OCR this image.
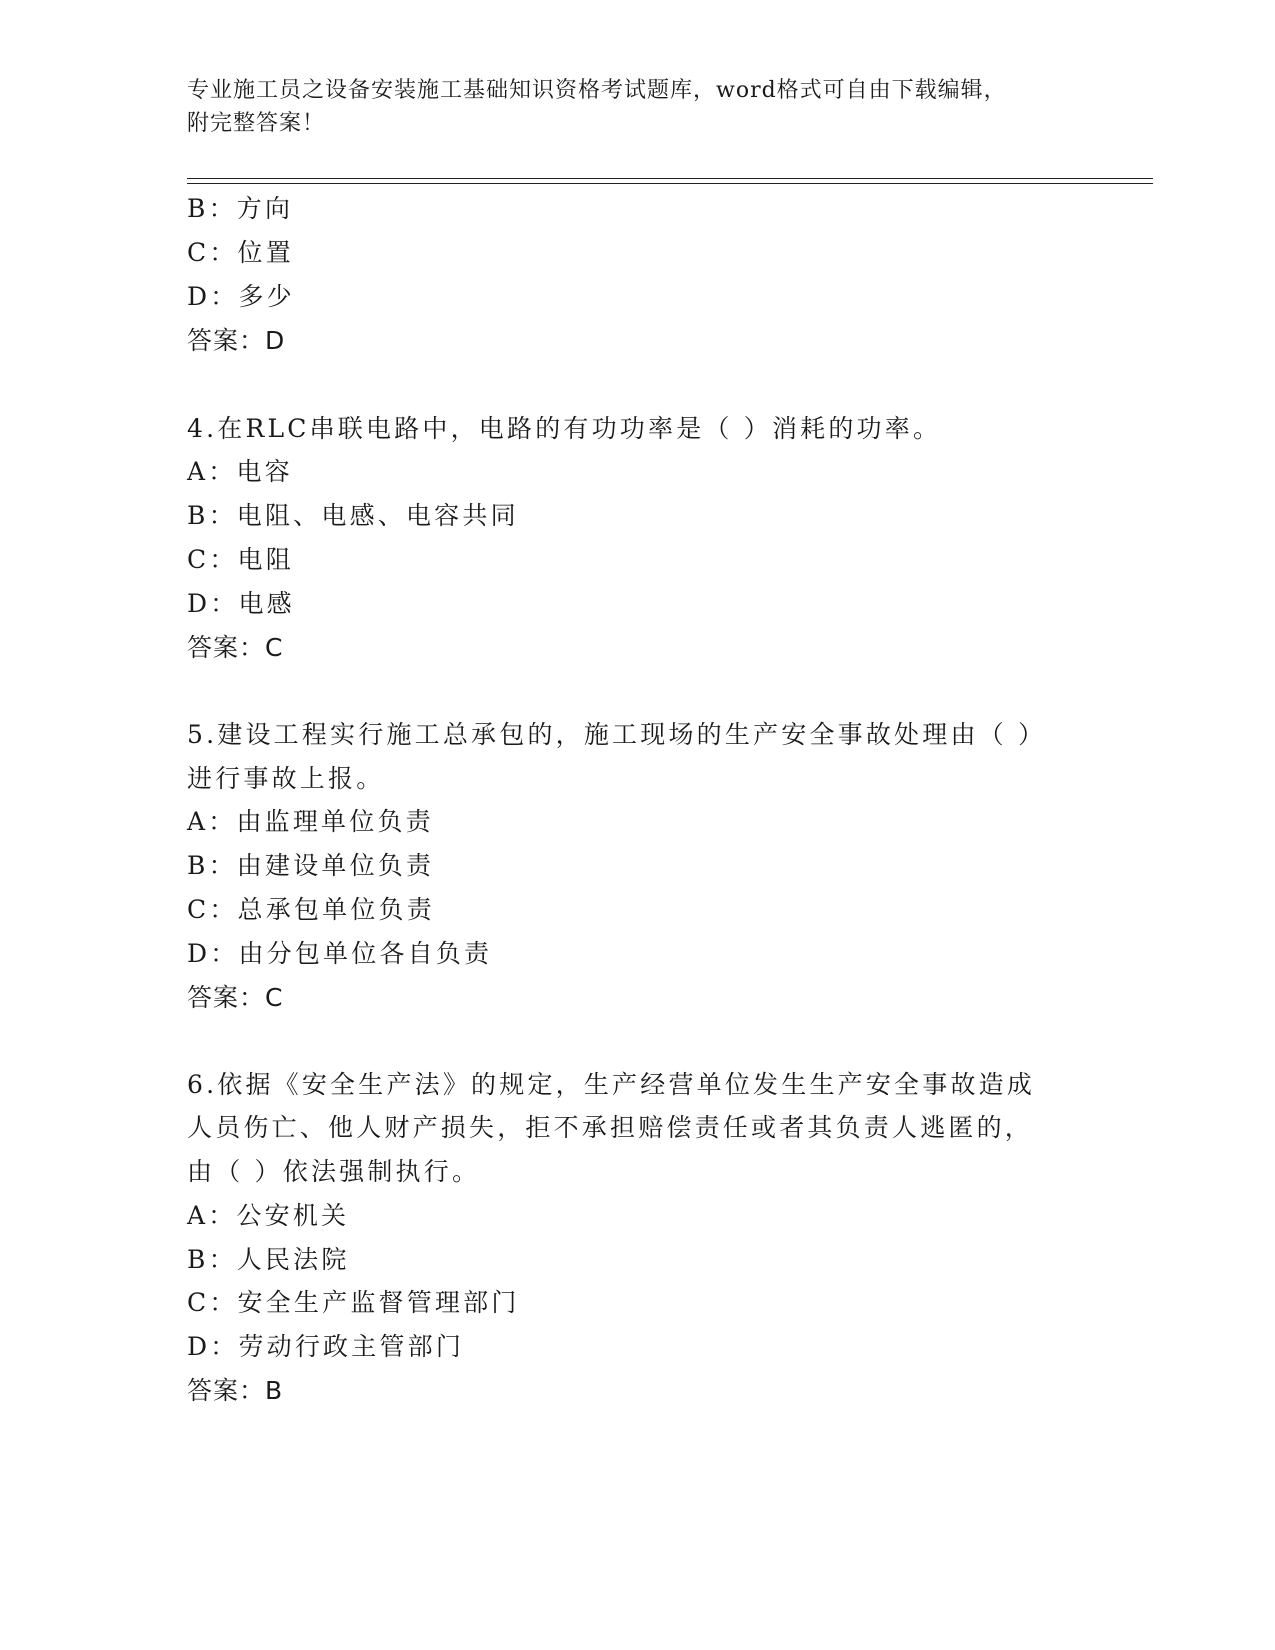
专业施工员之设备安装施工基础知识资格考试题库，word格式可自由下载编辑，
附完整答案！
B：方向
C：位置
D：多少
答案：D
4.在RLC串联电路中，电路的有功功率是（ ）消耗的功率。
A：电容
B：电阻、电感、电容共同
C：电阻
D：电感
答案：C
5.建设工程实行施工总承包的，施工现场的生产安全事故处理由（ ）
进行事故上报。
A：由监理单位负责
B：由建设单位负责
C：总承包单位负责
D：由分包单位各自负责
答案：C
6.依据《安全生产法》的规定，生产经营单位发生生产安全事故造成
人员伤亡、他人财产损失，拒不承担赔偿责任或者其负责人逃匿的，
由（ ）依法强制执行。
A：公安机关
B：人民法院
C：安全生产监督管理部门
D：劳动行政主管部门
答案：B
